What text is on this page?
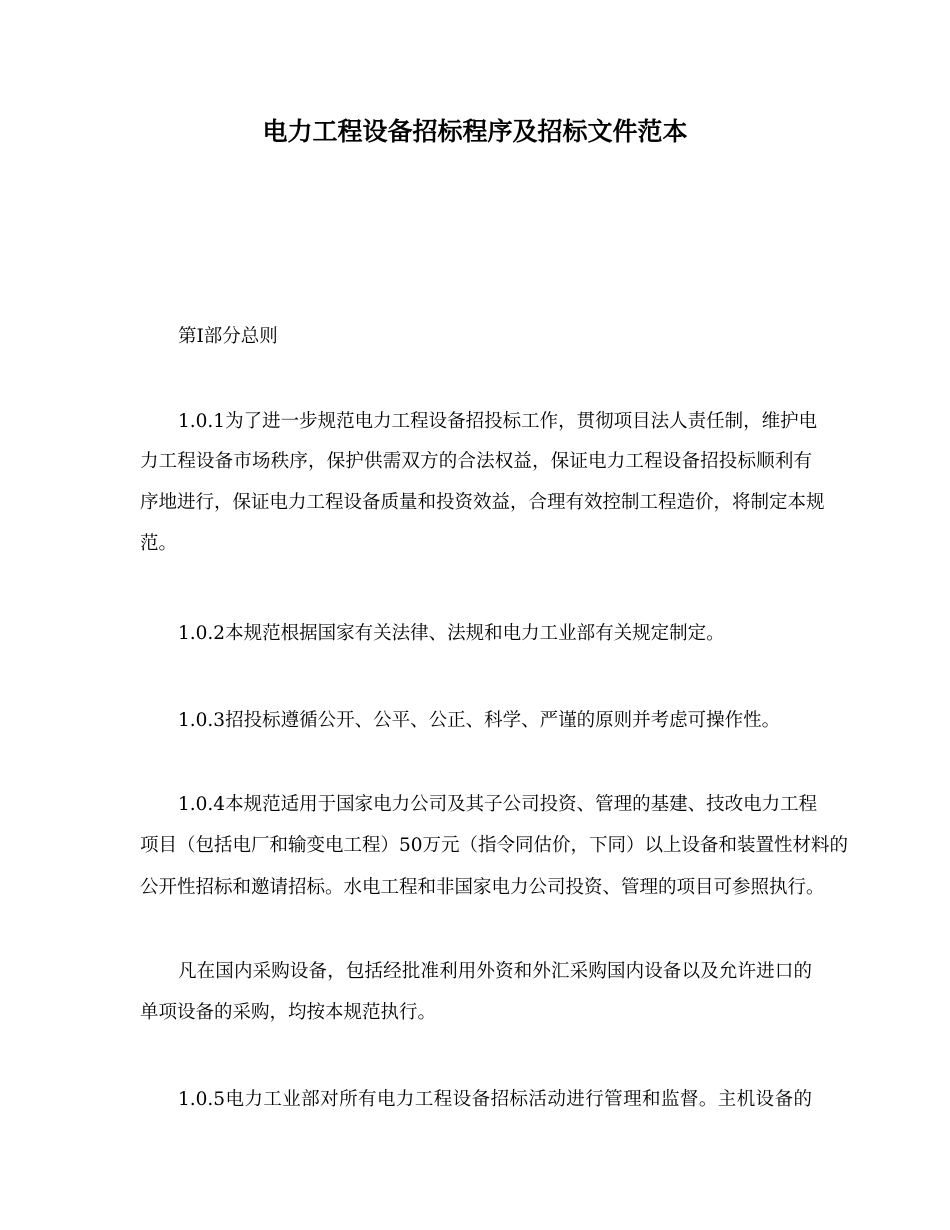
电力工程设备招标程序及招标文件范本
第I部分总则
1.0.1为了进一步规范电力工程设备招投标工作，贯彻项目法人责任制，维护电
力工程设备市场秩序，保护供需双方的合法权益，保证电力工程设备招投标顺利有
序地进行，保证电力工程设备质量和投资效益，合理有效控制工程造价，将制定本规
范。
1.0.2本规范根据国家有关法律、法规和电力工业部有关规定制定。
1.0.3招投标遵循公开、公平、公正、科学、严谨的原则并考虑可操作性。
1.0.4本规范适用于国家电力公司及其子公司投资、管理的基建、技改电力工程
项目（包括电厂和输变电工程）50万元（指令同估价，下同）以上设备和装置性材料的
公开性招标和邀请招标。水电工程和非国家电力公司投资、管理的项目可参照执行。
凡在国内采购设备，包括经批准利用外资和外汇采购国内设备以及允许进口的
单项设备的采购，均按本规范执行。
1.0.5电力工业部对所有电力工程设备招标活动进行管理和监督。主机设备的
